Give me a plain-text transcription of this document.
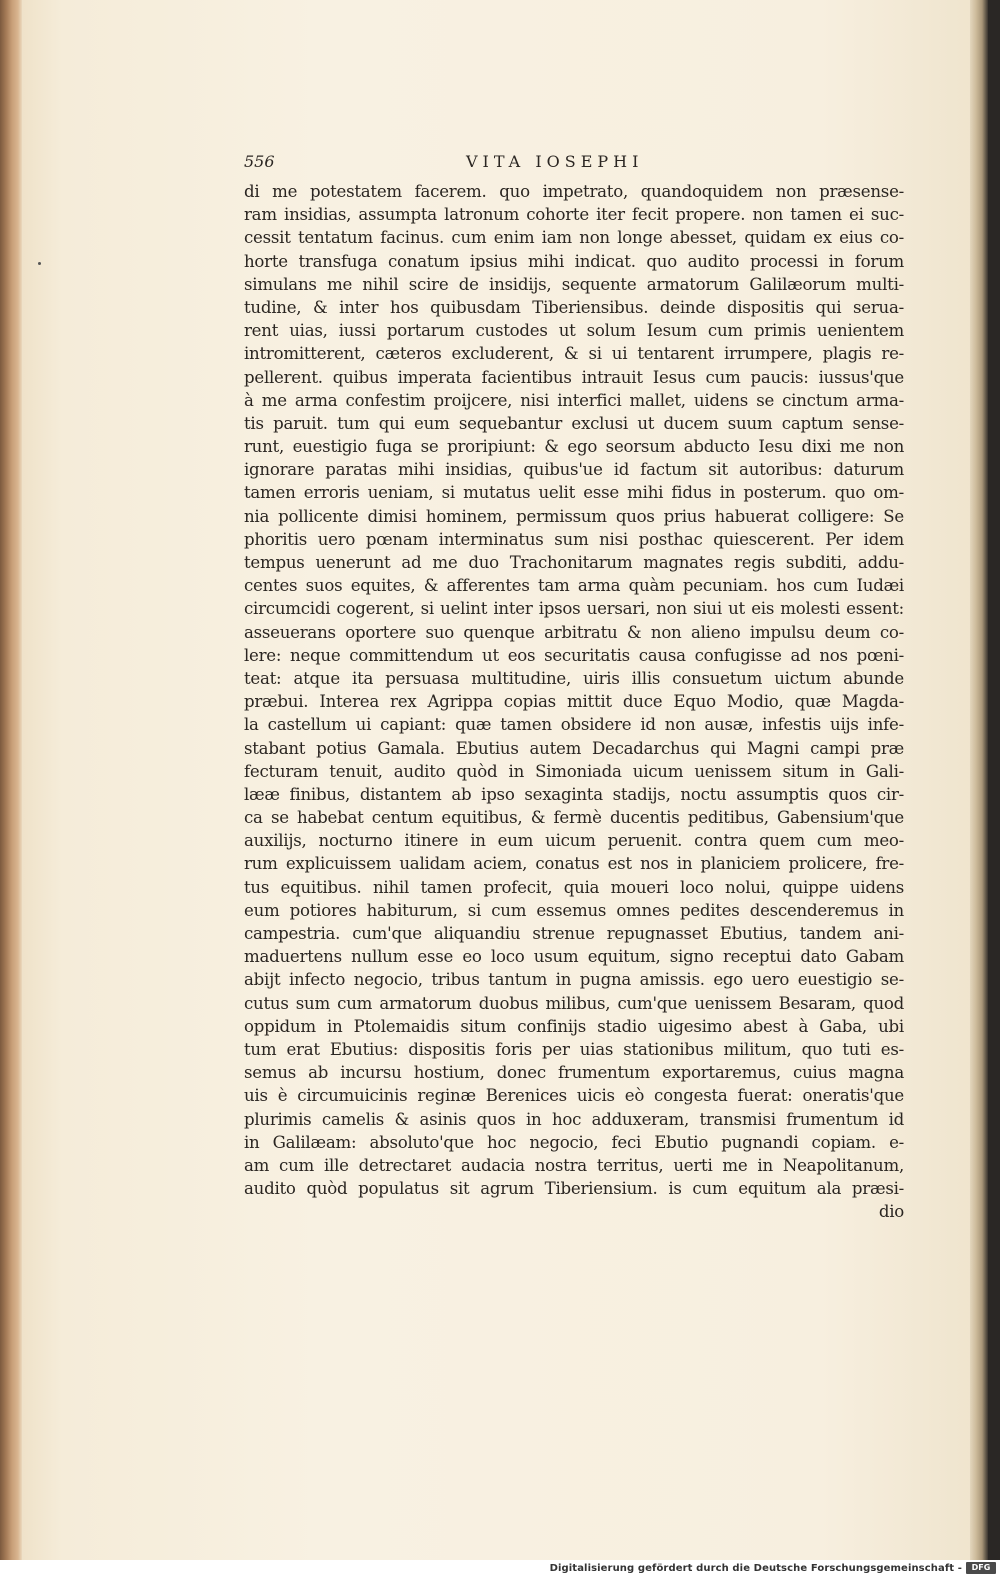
556	VITA IOSEPHI
di me potestatem facerem. quo impetrato, quandoquidem non præsense-
ram insidias, assumpta latronum cohorte iter fecit propere. non tamen ei suc-
cessit tentatum facinus. cum enim iam non longe abesset, quidam ex eius co-
horte transfuga conatum ipsius mihi indicat. quo audito processi in forum
simulans me nihil scire de insidijs, sequente armatorum Galilæorum multi-
tudine, & inter hos quibusdam Tiberiensibus. deinde dispositis qui serua-
rent uias, iussi portarum custodes ut solum Iesum cum primis uenientem
intromitterent, cæteros excluderent, & si ui tentarent irrumpere, plagis re-
pellerent. quibus imperata facientibus intrauit Iesus cum paucis: iussus'que
à me arma confestim proijcere, nisi interfici mallet, uidens se cinctum arma-
tis paruit. tum qui eum sequebantur exclusi ut ducem suum captum sense-
runt, euestigio fuga se proripiunt: & ego seorsum abducto Iesu dixi me non
ignorare paratas mihi insidias, quibus'ue id factum sit autoribus: daturum
tamen erroris ueniam, si mutatus uelit esse mihi fidus in posterum. quo om-
nia pollicente dimisi hominem, permissum quos prius habuerat colligere: Se
phoritis uero pœnam interminatus sum nisi posthac quiescerent. Per idem
tempus uenerunt ad me duo Trachonitarum magnates regis subditi, addu-
centes suos equites, & afferentes tam arma quàm pecuniam. hos cum Iudæi
circumcidi cogerent, si uelint inter ipsos uersari, non siui ut eis molesti essent:
asseuerans oportere suo quenque arbitratu & non alieno impulsu deum co-
lere: neque committendum ut eos securitatis causa confugisse ad nos pœni-
teat: atque ita persuasa multitudine, uiris illis consuetum uictum abunde
præbui. Interea rex Agrippa copias mittit duce Equo Modio, quæ Magda-
la castellum ui capiant: quæ tamen obsidere id non ausæ, infestis uijs infe-
stabant potius Gamala. Ebutius autem Decadarchus qui Magni campi præ
fecturam tenuit, audito quòd in Simoniada uicum uenissem situm in Gali-
lææ finibus, distantem ab ipso sexaginta stadijs, noctu assumptis quos cir-
ca se habebat centum equitibus, & fermè ducentis peditibus, Gabensium'que
auxilijs, nocturno itinere in eum uicum peruenit. contra quem cum meo-
rum explicuissem ualidam aciem, conatus est nos in planiciem prolicere, fre-
tus equitibus. nihil tamen profecit, quia moueri loco nolui, quippe uidens
eum potiores habiturum, si cum essemus omnes pedites descenderemus in
campestria. cum'que aliquandiu strenue repugnasset Ebutius, tandem ani-
maduertens nullum esse eo loco usum equitum, signo receptui dato Gabam
abijt infecto negocio, tribus tantum in pugna amissis. ego uero euestigio se-
cutus sum cum armatorum duobus milibus, cum'que uenissem Besaram, quod
oppidum in Ptolemaidis situm confinijs stadio uigesimo abest à Gaba, ubi
tum erat Ebutius: dispositis foris per uias stationibus militum, quo tuti es-
semus ab incursu hostium, donec frumentum exportaremus, cuius magna
uis è circumuicinis reginæ Berenices uicis eò congesta fuerat: oneratis'que
plurimis camelis & asinis quos in hoc adduxeram, transmisi frumentum id
in Galilæam: absoluto'que hoc negocio, feci Ebutio pugnandi copiam. e-
am cum ille detrectaret audacia nostra territus, uerti me in Neapolitanum,
audito quòd populatus sit agrum Tiberiensium. is cum equitum ala præsi-
dio
Digitalisierung gefördert durch die Deutsche Forschungsgemeinschaft -	DFG
